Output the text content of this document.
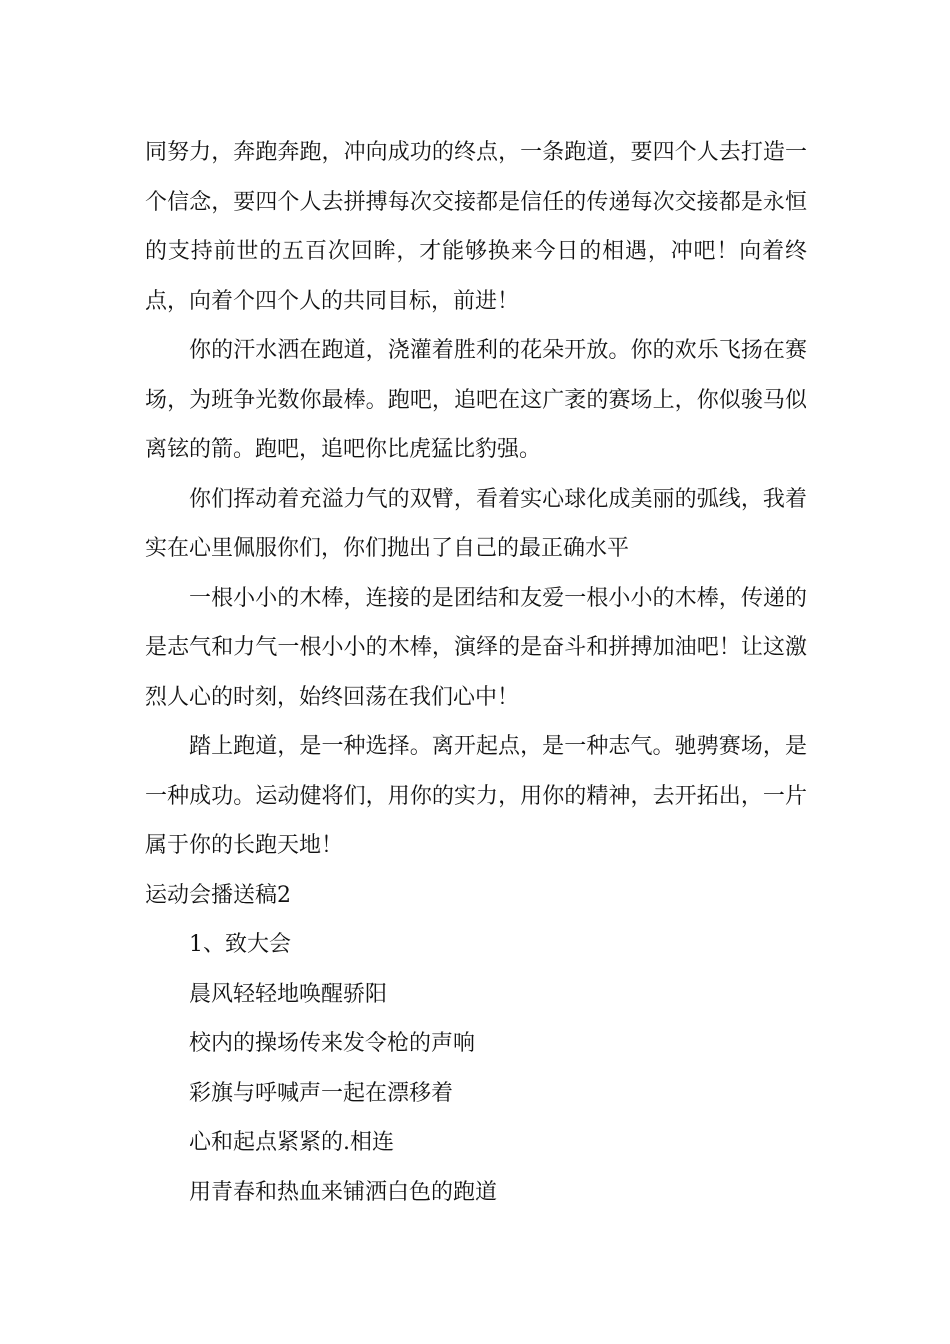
同努力，奔跑奔跑，冲向成功的终点，一条跑道，要四个人去打造一个信念，要四个人去拼搏每次交接都是信任的传递每次交接都是永恒的支持前世的五百次回眸，才能够换来今日的相遇，冲吧！向着终点，向着个四个人的共同目标，前进！

你的汗水洒在跑道，浇灌着胜利的花朵开放。你的欢乐飞扬在赛场，为班争光数你最棒。跑吧，追吧在这广袤的赛场上，你似骏马似离铉的箭。跑吧，追吧你比虎猛比豹强。

你们挥动着充溢力气的双臂，看着实心球化成美丽的弧线，我着实在心里佩服你们，你们抛出了自己的最正确水平

一根小小的木棒，连接的是团结和友爱一根小小的木棒，传递的是志气和力气一根小小的木棒，演绎的是奋斗和拼搏加油吧！让这激烈人心的时刻，始终回荡在我们心中！

踏上跑道，是一种选择。离开起点，是一种志气。驰骋赛场，是一种成功。运动健将们，用你的实力，用你的精神，去开拓出，一片属于你的长跑天地！

运动会播送稿2

1、致大会

晨风轻轻地唤醒骄阳

校内的操场传来发令枪的声响

彩旗与呼喊声一起在漂移着

心和起点紧紧的.相连

用青春和热血来铺洒白色的跑道
